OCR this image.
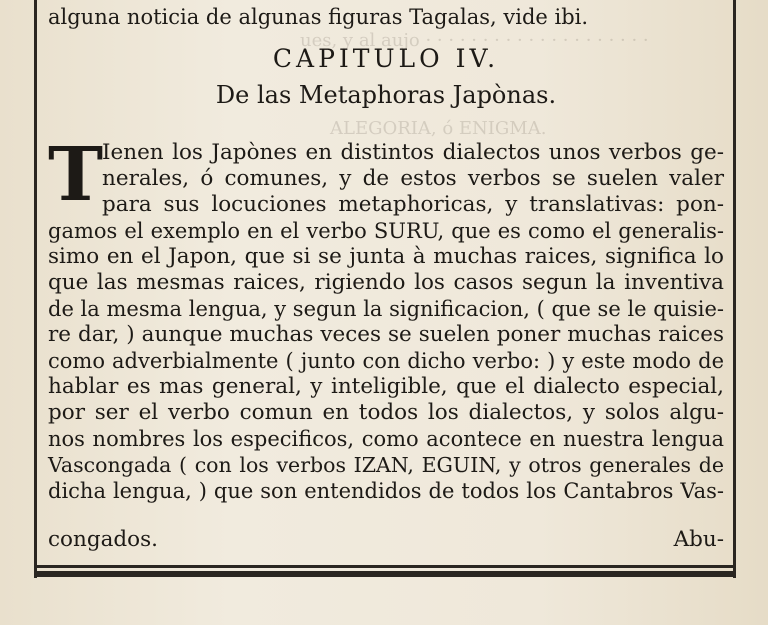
ues, y al aujo · · · · · · · · · · · · · · · · · · · ·
ALEGORIA, ó ENIGMA.
alguna noticia de algunas figuras Tagalas, vide ibi.
CAPITULO IV.
De las Metaphoras Japònas.
T
Ienen los Japònes en distintos dialectos unos verbos ge-
nerales, ó comunes, y de estos verbos se suelen valer
para sus locuciones metaphoricas, y translativas: pon-
gamos el exemplo en el verbo SURU, que es como el generalis-
simo en el Japon, que si se junta à muchas raices, significa lo
que las mesmas raices, rigiendo los casos segun la inventiva
de la mesma lengua, y segun la significacion, ( que se le quisie-
re dar, ) aunque muchas veces se suelen poner muchas raices
como adverbialmente ( junto con dicho verbo: ) y este modo de
hablar es mas general, y inteligible, que el dialecto especial,
por ser el verbo comun en todos los dialectos, y solos algu-
nos nombres los especificos, como acontece en nuestra lengua
Vascongada ( con los verbos IZAN, EGUIN, y otros generales de
dicha lengua, ) que son entendidos de todos los Cantabros Vas-
congados.	Abu-
